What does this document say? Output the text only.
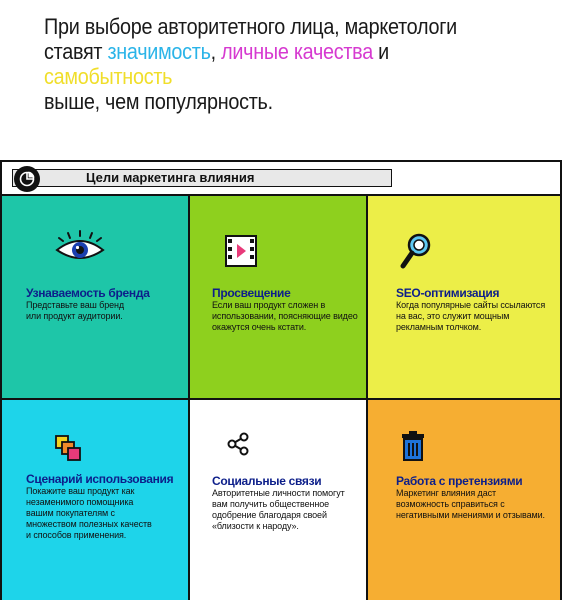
При выборе авторитетного лица, маркетологи
ставят значимость, личные качества и самобытность
выше, чем популярность.
Цели маркетинга влияния
Узнаваемость бренда
Представьте ваш бренд или продукт аудитории.
Просвещение
Если ваш продукт сложен в использовании, поясняющие видео окажутся очень кстати.
SEO-оптимизация
Когда популярные сайты ссылаются на вас, это служит мощным рекламным толчком.
Сценарий использования
Покажите ваш продукт как незаменимого помощника вашим покупателям с множеством полезных качеств и способов применения.
Социальные связи
Авторитетные личности помогут вам получить общественное одобрение благодаря своей «близости к народу».
Работа с претензиями
Маркетинг влияния даст возможность справиться с негативными мнениями и отзывами.
